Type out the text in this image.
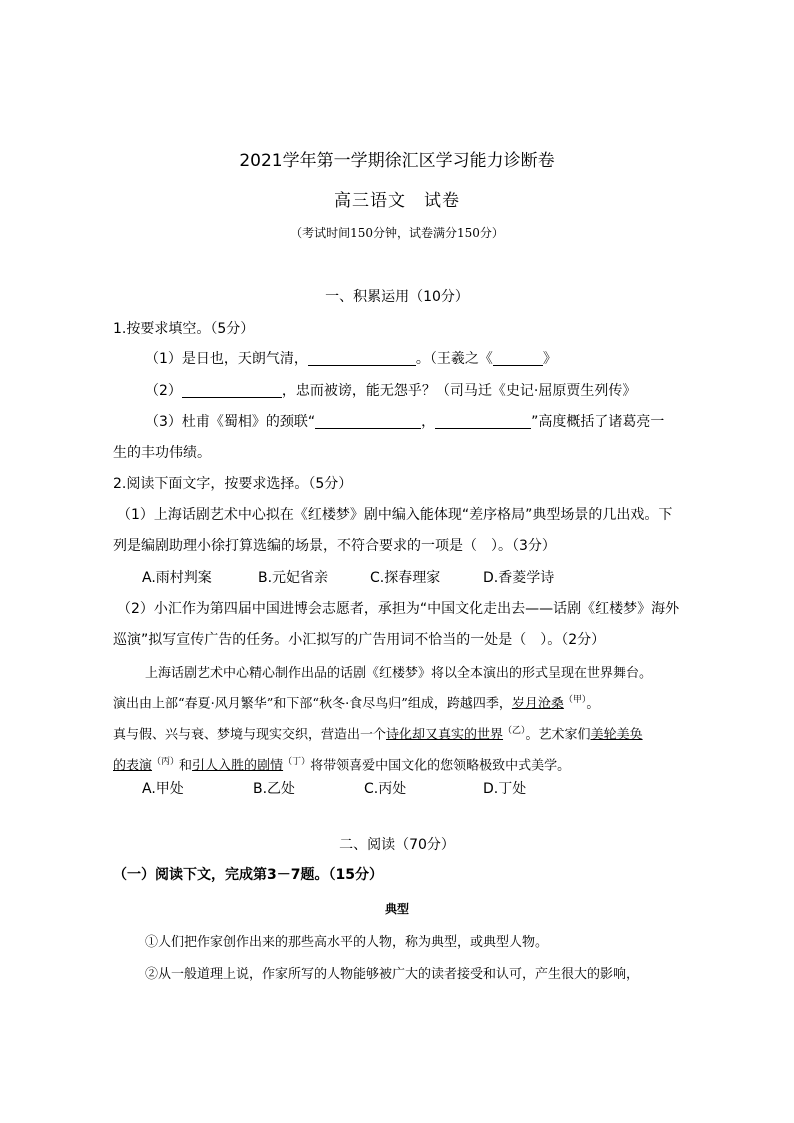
2021学年第一学期徐汇区学习能力诊断卷
高三语文　试卷
（考试时间150分钟，试卷满分150分）
一、积累运用（10分）
1.按要求填空。（5分）
（1）是日也，天朗气清，	。（王羲之《	》
（2）	，忠而被谤，能无怨乎？（司马迁《史记·屈原贾生列传》
（3）杜甫《蜀相》的颈联“	，	”高度概括了诸葛亮一
生的丰功伟绩。
2.阅读下面文字，按要求选择。（5分）
（1）上海话剧艺术中心拟在《红楼梦》剧中编入能体现“差序格局”典型场景的几出戏。下
列是编剧助理小徐打算选编的场景，不符合要求的一项是（　）。（3分）
A.雨村判案	B.元妃省亲	C.探春理家	D.香菱学诗
（2）小汇作为第四届中国进博会志愿者，承担为“中国文化走出去——话剧《红楼梦》海外
巡演”拟写宣传广告的任务。小汇拟写的广告用词不恰当的一处是（　）。（2分）
上海话剧艺术中心精心制作出品的话剧《红楼梦》将以全本演出的形式呈现在世界舞台。
演出由上部“春夏·风月繁华”和下部“秋冬·食尽鸟归”组成，跨越四季，岁月沧桑$^{(甲)}$。
真与假、兴与衰、梦境与现实交织，营造出一个诗化却又真实的世界$^{(乙)}$。艺术家们美轮美奂
的表演$^{(丙)}$和引人入胜的剧情$^{(丁)}$将带领喜爱中国文化的您领略极致中式美学。
A.甲处	B.乙处	C.丙处	D.丁处
二、阅读（70分）
（一）阅读下文，完成第3－7题。（15分）
典型
①人们把作家创作出来的那些高水平的人物，称为典型，或典型人物。
②从一般道理上说，作家所写的人物能够被广大的读者接受和认可，产生很大的影响，
